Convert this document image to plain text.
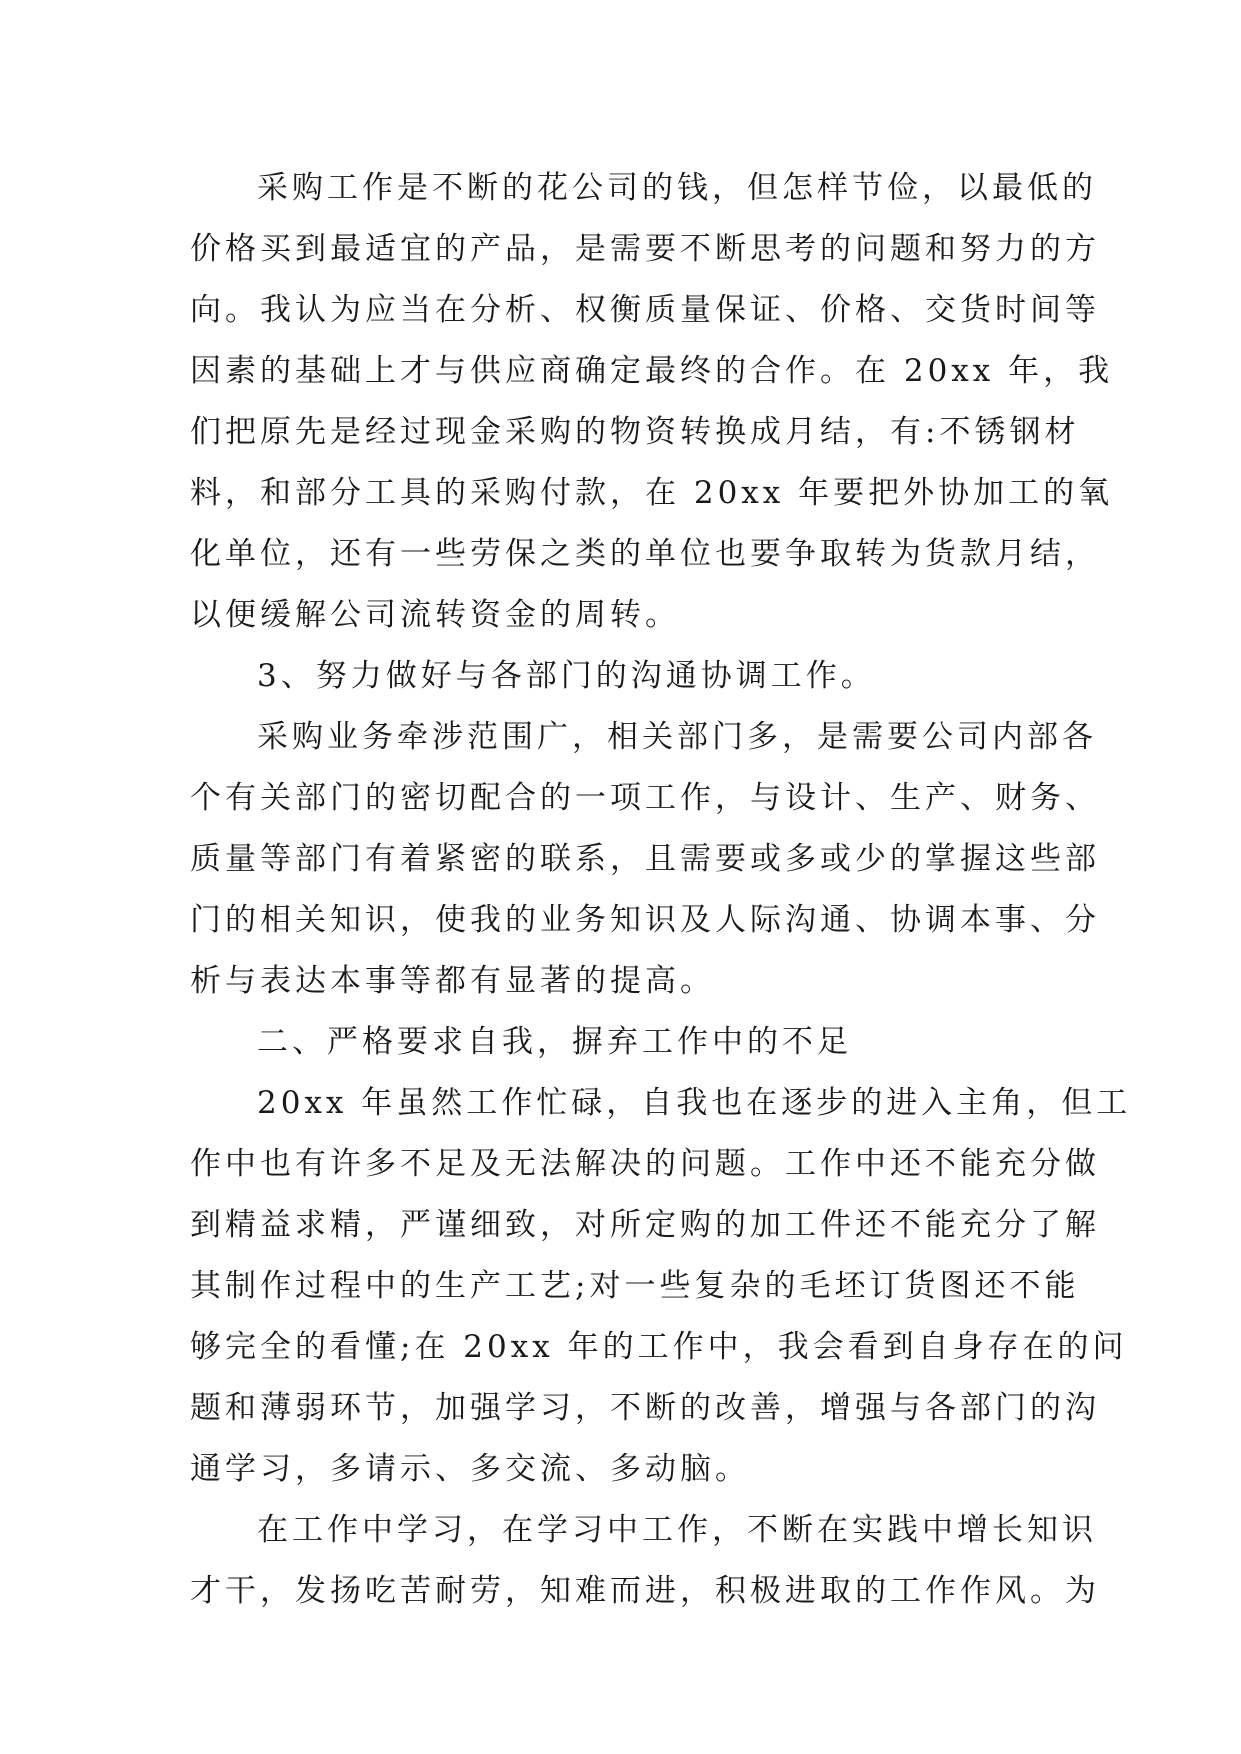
采购工作是不断的花公司的钱，但怎样节俭，以最低的
价格买到最适宜的产品，是需要不断思考的问题和努力的方
向。我认为应当在分析、权衡质量保证、价格、交货时间等
因素的基础上才与供应商确定最终的合作。在 20xx 年，我
们把原先是经过现金采购的物资转换成月结，有:不锈钢材
料，和部分工具的采购付款，在 20xx 年要把外协加工的氧
化单位，还有一些劳保之类的单位也要争取转为货款月结，
以便缓解公司流转资金的周转。
3、努力做好与各部门的沟通协调工作。
采购业务牵涉范围广，相关部门多，是需要公司内部各
个有关部门的密切配合的一项工作，与设计、生产、财务、
质量等部门有着紧密的联系，且需要或多或少的掌握这些部
门的相关知识，使我的业务知识及人际沟通、协调本事、分
析与表达本事等都有显著的提高。
二、严格要求自我，摒弃工作中的不足
20xx 年虽然工作忙碌，自我也在逐步的进入主角，但工
作中也有许多不足及无法解决的问题。工作中还不能充分做
到精益求精，严谨细致，对所定购的加工件还不能充分了解
其制作过程中的生产工艺;对一些复杂的毛坯订货图还不能
够完全的看懂;在 20xx 年的工作中，我会看到自身存在的问
题和薄弱环节，加强学习，不断的改善，增强与各部门的沟
通学习，多请示、多交流、多动脑。
在工作中学习，在学习中工作，不断在实践中增长知识
才干，发扬吃苦耐劳，知难而进，积极进取的工作作风。为
